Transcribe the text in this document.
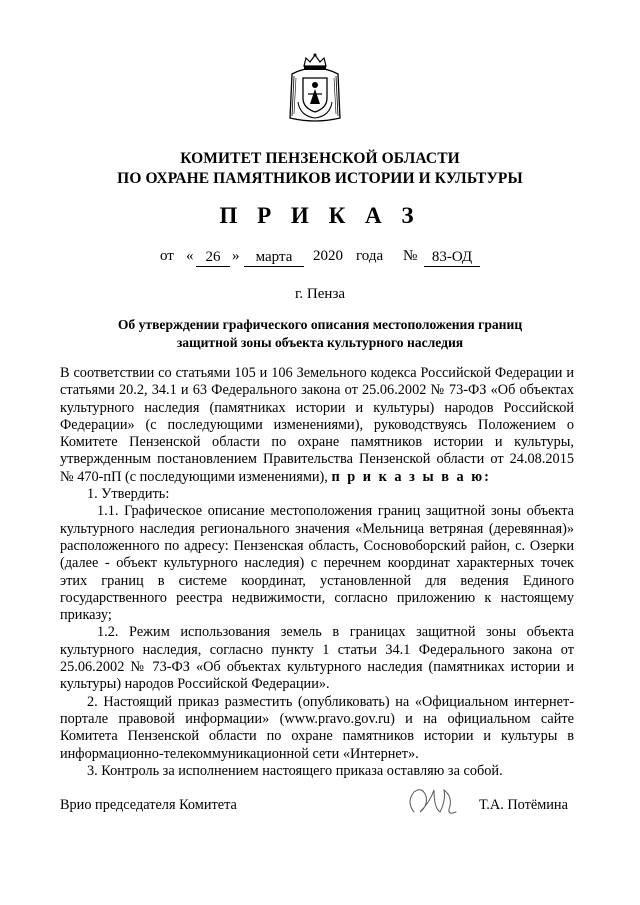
КОМИТЕТ ПЕНЗЕНСКОЙ ОБЛАСТИ
ПО ОХРАНЕ ПАМЯТНИКОВ ИСТОРИИ И КУЛЬТУРЫ
П Р И К А З
от « 26 »	марта	2020 года № 83-ОД
г. Пенза
Об утверждении графического описания местоположения границ
защитной зоны объекта культурного наследия

В соответствии со статьями 105 и 106 Земельного кодекса Российской Федерации и статьями 20.2, 34.1 и 63 Федерального закона от 25.06.2002 № 73-ФЗ «Об объектах культурного наследия (памятниках истории и культуры) народов Российской Федерации» (с последующими изменениями), руководствуясь Положением о Комитете Пензенской области по охране памятников истории и культуры, утвержденным постановлением Правительства Пензенской области от 24.08.2015 № 470-пП (с последующими изменениями), п р и к а з ы в а ю:

1. Утвердить:

1.1. Графическое описание местоположения границ защитной зоны объекта культурного наследия регионального значения «Мельница ветряная (деревянная)» расположенного по адресу: Пензенская область, Сосновоборский район, с. Озерки (далее - объект культурного наследия) с перечнем координат характерных точек этих границ в системе координат, установленной для ведения Единого государственного реестра недвижимости, согласно приложению к настоящему приказу;

1.2. Режим использования земель в границах защитной зоны объекта культурного наследия, согласно пункту 1 статьи 34.1 Федерального закона от 25.06.2002 № 73-ФЗ «Об объектах культурного наследия (памятниках истории и культуры) народов Российской Федерации».

2. Настоящий приказ разместить (опубликовать) на «Официальном интернет-портале правовой информации» (www.pravo.gov.ru) и на официальном сайте Комитета Пензенской области по охране памятников истории и культуры в информационно-телекоммуникационной сети «Интернет».

3. Контроль за исполнением настоящего приказа оставляю за собой.

Врио председателя Комитета	Т.А. Потёмина
